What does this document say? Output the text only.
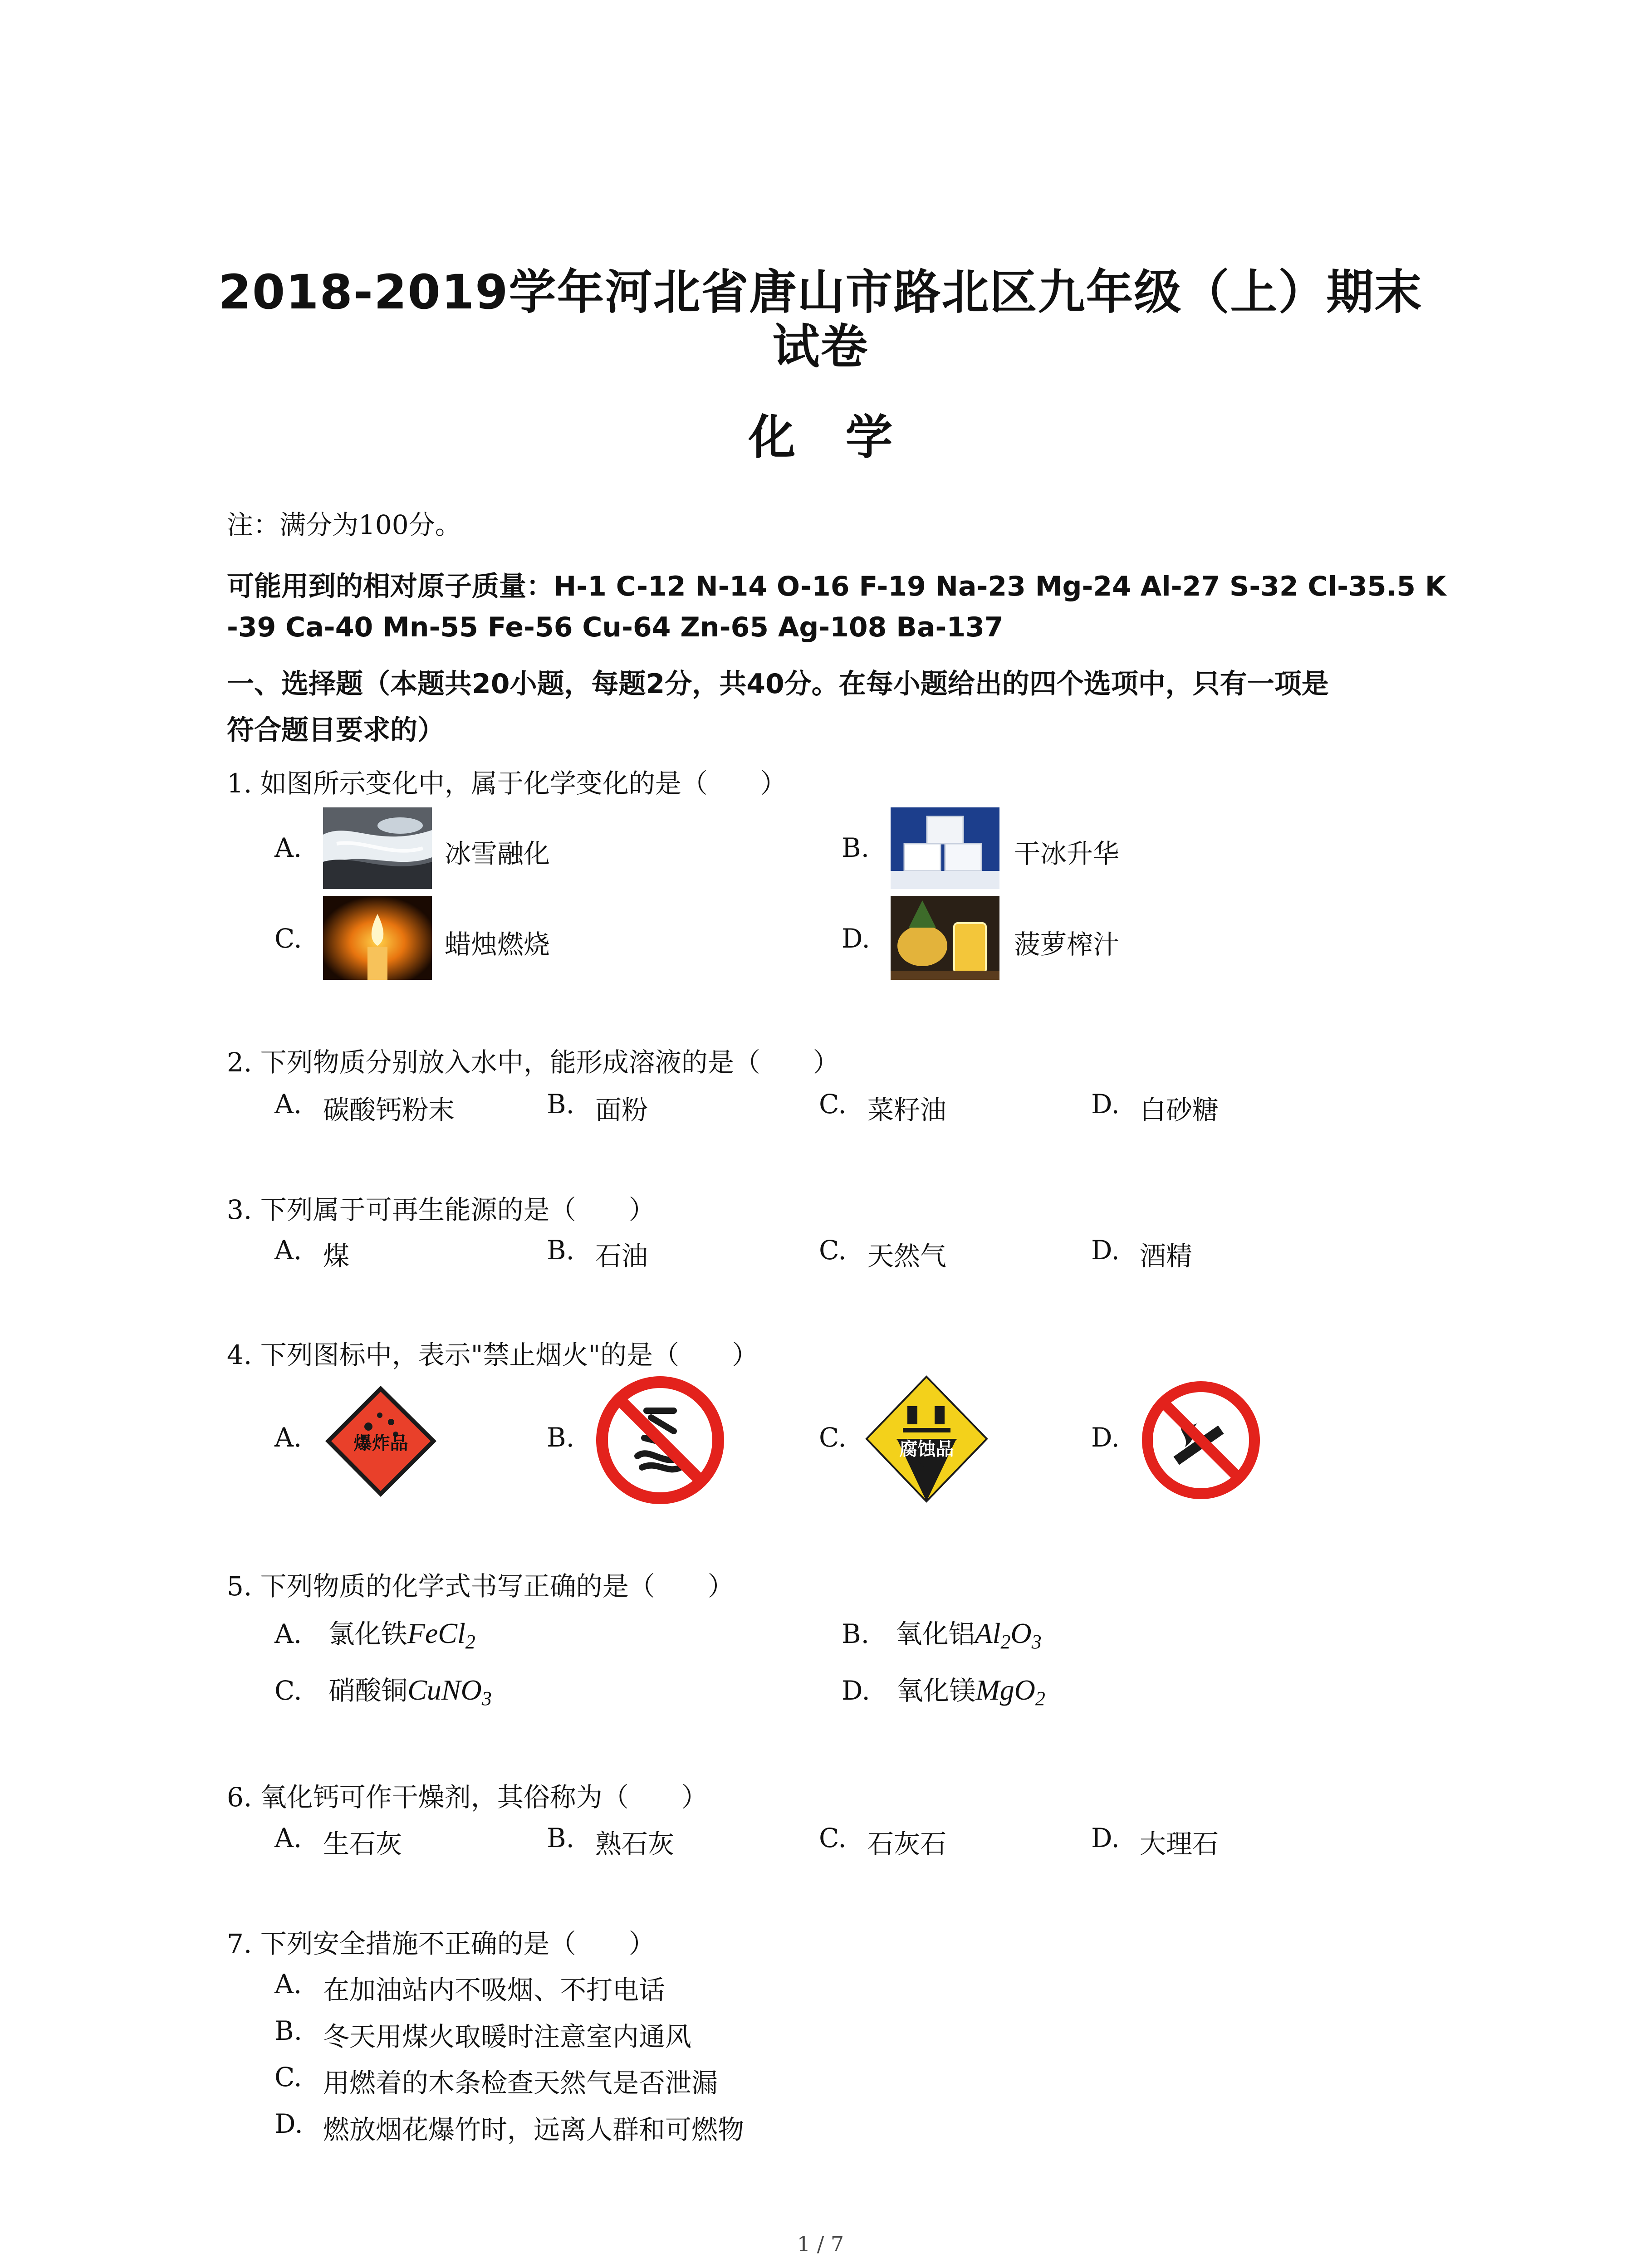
2018-2019学年河北省唐山市路北区九年级（上）期末
试卷
化 学
注：满分为100分。
可能用到的相对原子质量：H-1 C-12 N-14 O-16 F-19 Na-23 Mg-24 Al-27 S-32 Cl-35.5 K
-39 Ca-40 Mn-55 Fe-56 Cu-64 Zn-65 Ag-108 Ba-137
一、选择题（本题共20小题，每题2分，共40分。在每小题给出的四个选项中，只有一项是
符合题目要求的）
1. 如图所示变化中，属于化学变化的是（　　）
A.	冰雪融化	B.	干冰升华
C.	蜡烛燃烧	D.	菠萝榨汁
2. 下列物质分别放入水中，能形成溶液的是（　　）
A. 碳酸钙粉末	B. 面粉	C. 菜籽油	D. 白砂糖
3. 下列属于可再生能源的是（　　）
A. 煤	B. 石油	C. 天然气	D. 酒精
4. 下列图标中，表示"禁止烟火"的是（　　）
A.	爆炸品	B.	C.	腐蚀品	D.
5. 下列物质的化学式书写正确的是（　　）
A. 氯化铁FeCl$_2$	B. 氧化铝$Al_2O_3$
C. 硝酸铜CuNO$_3$	D. 氧化镁MgO$_2$
6. 氧化钙可作干燥剂，其俗称为（　　）
A. 生石灰	B. 熟石灰	C. 石灰石	D. 大理石
7. 下列安全措施不正确的是（　　）
A. 在加油站内不吸烟、不打电话
B. 冬天用煤火取暖时注意室内通风
C. 用燃着的木条检查天然气是否泄漏
D. 燃放烟花爆竹时，远离人群和可燃物
1 / 7
